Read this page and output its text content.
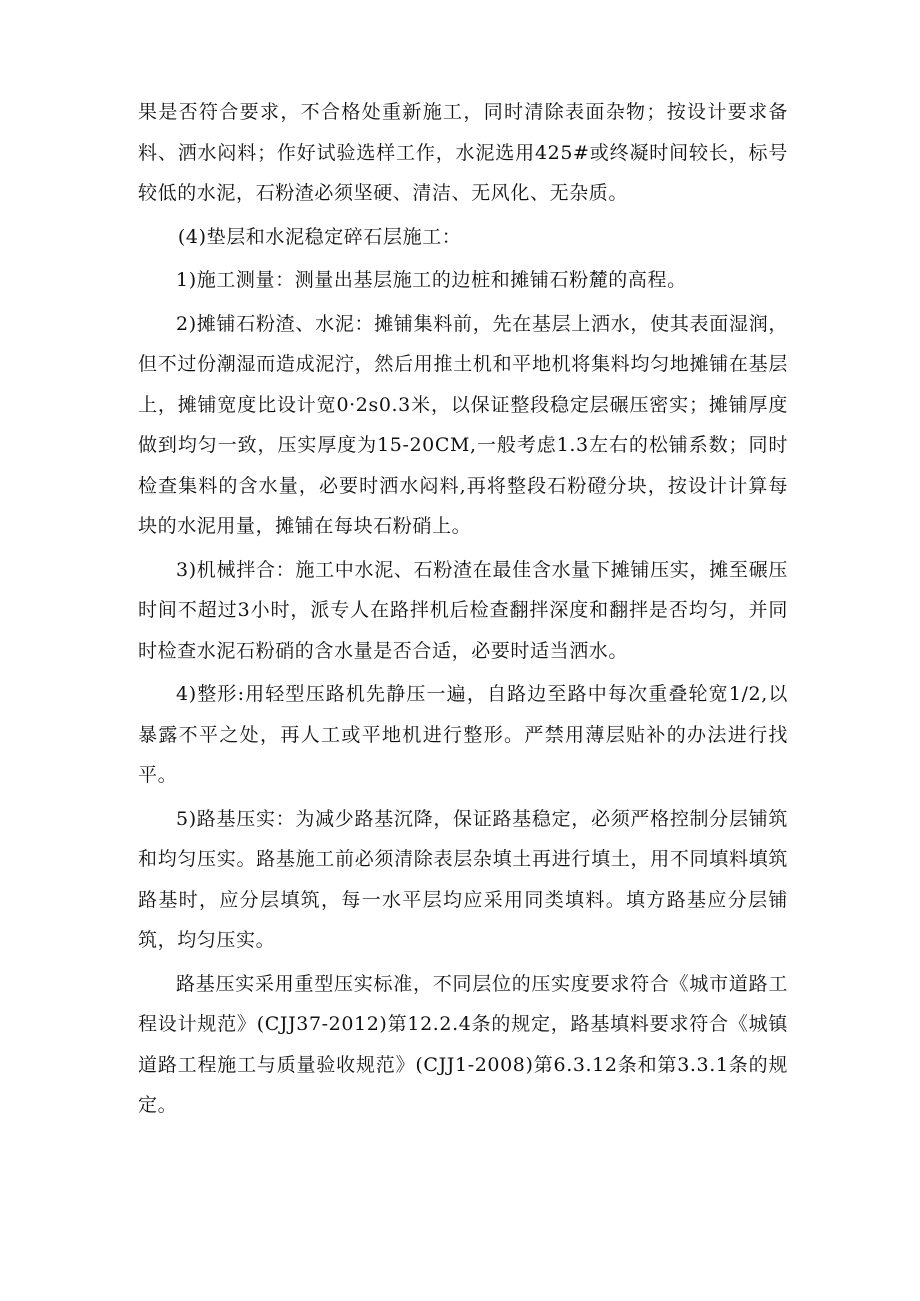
果是否符合要求，不合格处重新施工，同时清除表面杂物；按设计要求备料、洒水闷料；作好试验选样工作，水泥选用425#或终凝时间较长，标号较低的水泥，石粉渣必须坚硬、清洁、无风化、无杂质。

(4)垫层和水泥稳定碎石层施工：

1)施工测量：测量出基层施工的边桩和摊铺石粉麓的高程。

2)摊铺石粉渣、水泥：摊铺集料前，先在基层上洒水，使其表面湿润，但不过份潮湿而造成泥泞，然后用推土机和平地机将集料均匀地摊铺在基层上，摊铺宽度比设计宽0·2s0.3米，以保证整段稳定层碾压密实；摊铺厚度做到均匀一致，压实厚度为15-20CM,一般考虑1.3左右的松铺系数；同时检查集料的含水量，必要时洒水闷料,再将整段石粉磴分块，按设计计算每块的水泥用量，摊铺在每块石粉硝上。

3)机械拌合：施工中水泥、石粉渣在最佳含水量下摊铺压实，摊至碾压时间不超过3小时，派专人在路拌机后检查翻拌深度和翻拌是否均匀，并同时检查水泥石粉硝的含水量是否合适，必要时适当洒水。

4)整形:用轻型压路机先静压一遍，自路边至路中每次重叠轮宽1/2,以暴露不平之处，再人工或平地机进行整形。严禁用薄层贴补的办法进行找平。

5)路基压实：为减少路基沉降，保证路基稳定，必须严格控制分层铺筑和均匀压实。路基施工前必须清除表层杂填土再进行填土，用不同填料填筑路基时，应分层填筑，每一水平层均应采用同类填料。填方路基应分层铺筑，均匀压实。

路基压实采用重型压实标准，不同层位的压实度要求符合《城市道路工程设计规范》(CJJ37-2012)第12.2.4条的规定，路基填料要求符合《城镇道路工程施工与质量验收规范》(CJJ1-2008)第6.3.12条和第3.3.1条的规定。
